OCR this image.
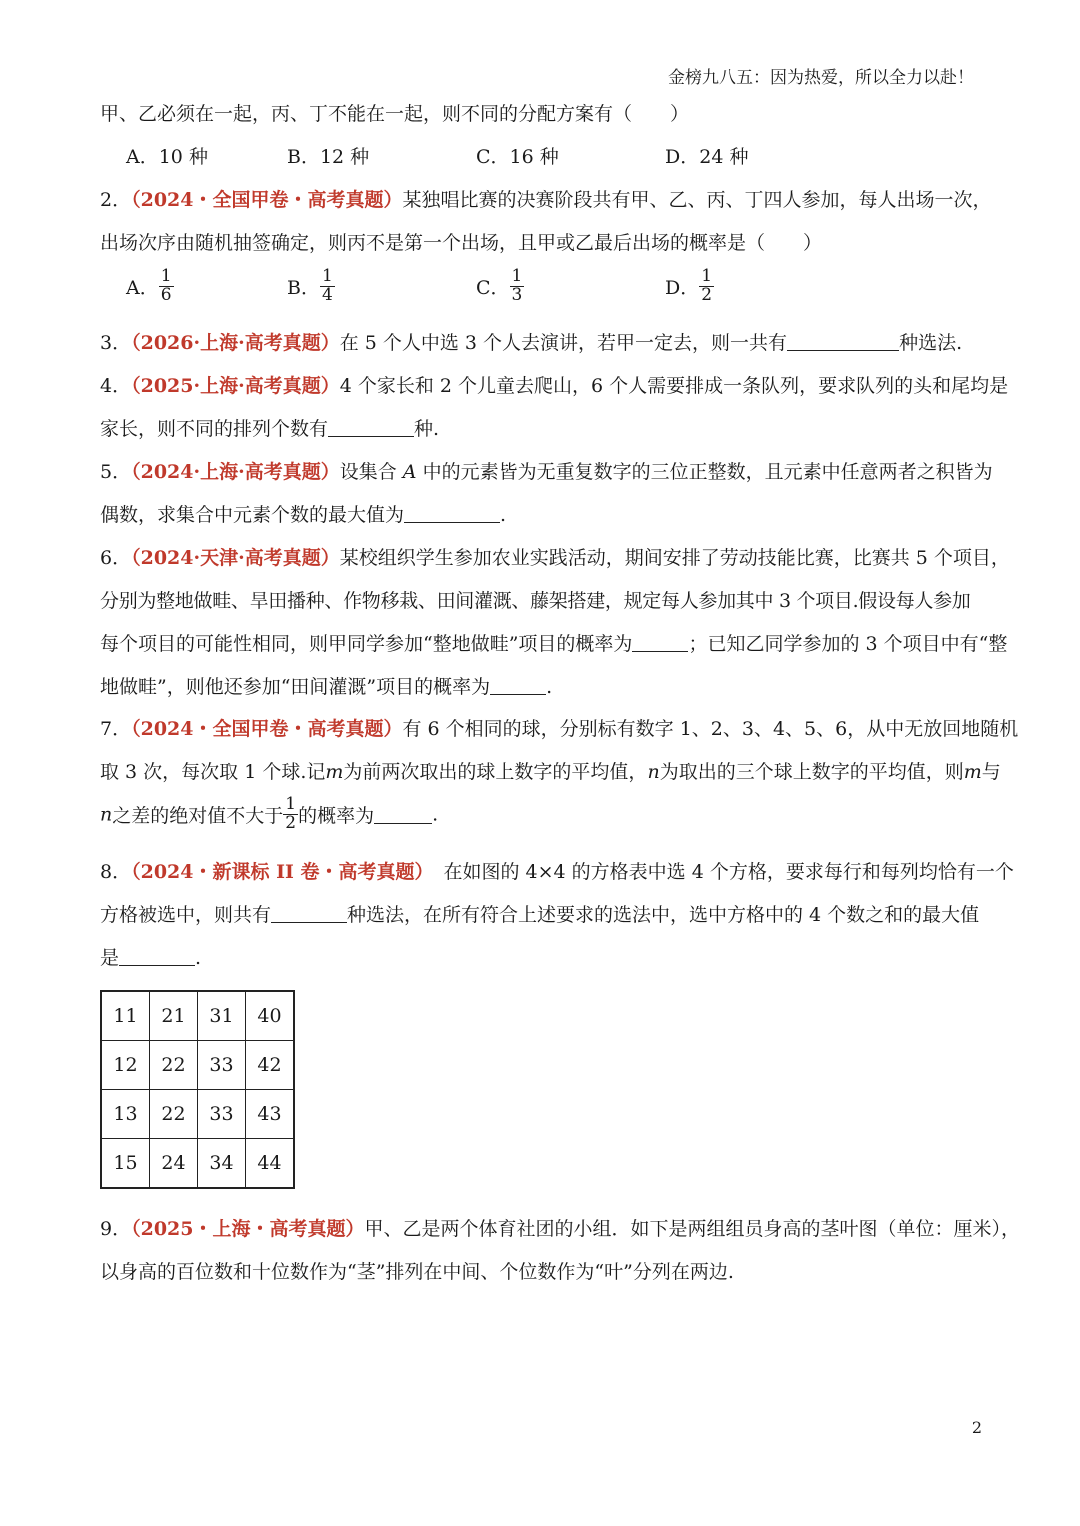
金榜九八五：因为热爱，所以全力以赴！
甲、乙必须在一起，丙、丁不能在一起，则不同的分配方案有（　　）
A．10 种	B．12 种	C．16 种	D．24 种
2．（2024・全国甲卷・高考真题）某独唱比赛的决赛阶段共有甲、乙、丙、丁四人参加，每人出场一次，
出场次序由随机抽签确定，则丙不是第一个出场，且甲或乙最后出场的概率是（　　）
A． $\frac{1}{6}$	B． $\frac{1}{4}$	C． $\frac{1}{3}$	D． $\frac{1}{2}$
3．（2026·上海·高考真题）在 5 个人中选 3 个人去演讲，若甲一定去，则一共有	种选法.
4．（2025·上海·高考真题）4 个家长和 2 个儿童去爬山，6 个人需要排成一条队列，要求队列的头和尾均是
家长，则不同的排列个数有	种.
5．（2024·上海·高考真题）设集合 A 中的元素皆为无重复数字的三位正整数，且元素中任意两者之积皆为
偶数，求集合中元素个数的最大值为	.
6．（2024·天津·高考真题）某校组织学生参加农业实践活动，期间安排了劳动技能比赛，比赛共 5 个项目，
分别为整地做畦、旱田播种、作物移栽、田间灌溉、藤架搭建，规定每人参加其中 3 个项目.假设每人参加
每个项目的可能性相同，则甲同学参加“整地做畦”项目的概率为	；已知乙同学参加的 3 个项目中有“整
地做畦”，则他还参加“田间灌溉”项目的概率为	.
7．（2024・全国甲卷・高考真题）有 6 个相同的球，分别标有数字 1、2、3、4、5、6，从中无放回地随机
取 3 次，每次取 1 个球.记m为前两次取出的球上数字的平均值，n为取出的三个球上数字的平均值，则m与
n之差的绝对值不大于 $\frac{1}{2}$ 的概率为	.
8．（2024・新课标 II 卷・高考真题） 在如图的 4×4 的方格表中选 4 个方格，要求每行和每列均恰有一个
方格被选中，则共有	种选法，在所有符合上述要求的选法中，选中方格中的 4 个数之和的最大值
是	.
11	21	31	40
12	22	33	42
13	22	33	43
15	24	34	44
9．（2025・上海・高考真题）甲、乙是两个体育社团的小组．如下是两组组员身高的茎叶图（单位：厘米），
以身高的百位数和十位数作为“茎”排列在中间、个位数作为“叶”分列在两边.
2
